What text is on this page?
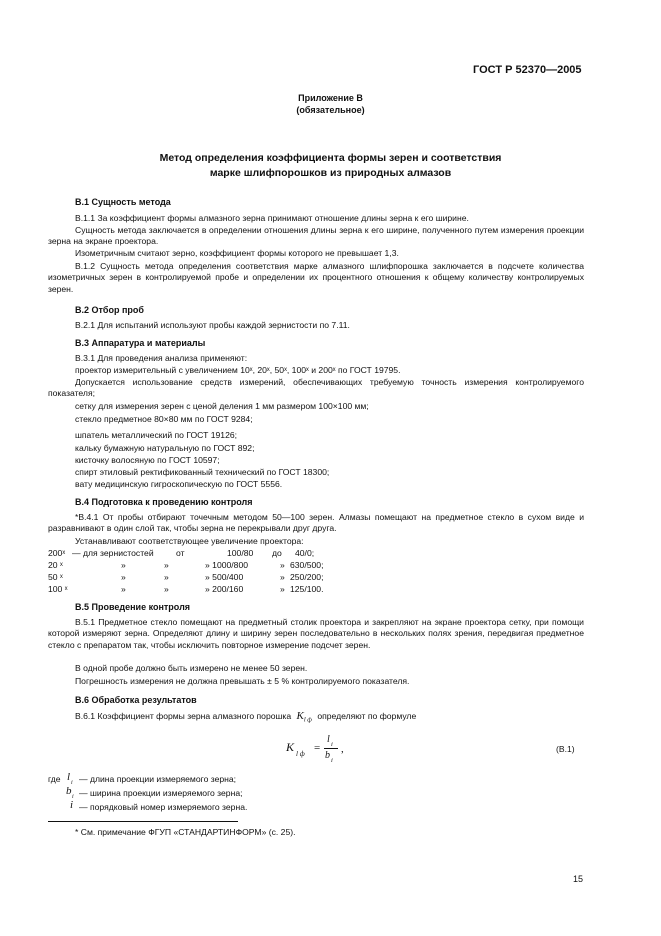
ГОСТ Р 52370—2005
Приложение В
(обязательное)
Метод определения коэффициента формы зерен и соответствия
марке шлифпорошков из природных алмазов
В.1 Сущность метода
В.1.1 За коэффициент формы алмазного зерна принимают отношение длины зерна к его ширине.
Сущность метода заключается в определении отношения длины зерна к его ширине, полученного путем измерения проекции зерна на экране проектора.
Изометричным считают зерно, коэффициент формы которого не превышает 1,3.
В.1.2 Сущность метода определения соответствия марке алмазного шлифпорошка заключается в подсчете количества изометричных зерен в контролируемой пробе и определении их процентного отношения к общему количеству контролируемых зерен.
В.2 Отбор проб
В.2.1 Для испытаний используют пробы каждой зернистости по 7.11.
В.3 Аппаратура и материалы
В.3.1 Для проведения анализа применяют:
проектор измерительный с увеличением 10ˣ, 20ˣ, 50ˣ, 100ˣ и 200ˣ по ГОСТ 19795.
Допускается использование средств измерений, обеспечивающих требуемую точность измерения контролируемого показателя;
сетку для измерения зерен с ценой деления 1 мм размером 100×100 мм;
стекло предметное 80×80 мм по ГОСТ 9284;
шпатель металлический по ГОСТ 19126;
кальку бумажную натуральную по ГОСТ 892;
кисточку волосяную по ГОСТ 10597;
спирт этиловый ректификованный технический по ГОСТ 18300;
вату медицинскую гигроскопическую по ГОСТ 5556.
В.4 Подготовка к проведению контроля
*В.4.1 От пробы отбирают точечным методом 50—100 зерен. Алмазы помещают на предметное стекло в сухом виде и разравнивают в один слой так, чтобы зерна не перекрывали друг друга.
Устанавливают соответствующее увеличение проектора:
200ˣ — для зернистостей	от	100/80 до 40/0;
20 ˣ	»	»	» 1000/800	» 630/500;
50 ˣ	»	»	» 500/400	» 250/200;
100 ˣ	»	»	» 200/160	» 125/100.
В.5 Проведение контроля
В.5.1 Предметное стекло помещают на предметный столик проектора и закрепляют на экране проектора сетку, при помощи которой измеряют зерна. Определяют длину и ширину зерен последовательно в нескольких полях зрения, передвигая предметное стекло с препаратом так, чтобы исключить повторное измерение подсчет зерен.
В одной пробе должно быть измерено не менее 50 зерен.
Погрешность измерения не должна превышать ± 5 % контролируемого показателя.
В.6 Обработка результатов
В.6.1 Коэффициент формы зерна алмазного порошка $K_{l ф}$ определяют по формуле
K l ф =
l i
b i
,	(В.1)
где l i — длина проекции измеряемого зерна;
b i — ширина проекции измеряемого зерна;
i — порядковый номер измеряемого зерна.
* См. примечание ФГУП «СТАНДАРТИНФОРМ» (с. 25).
15
